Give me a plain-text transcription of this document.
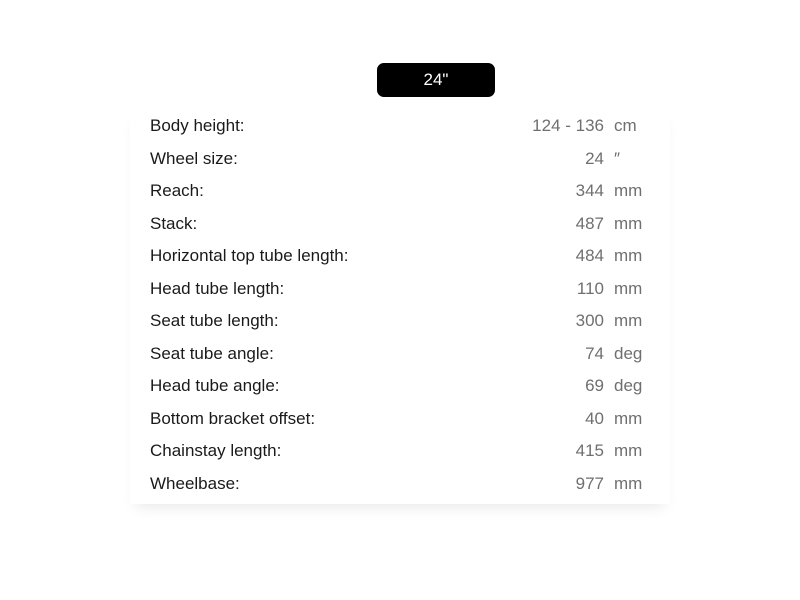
24"
Body height:	124 - 136 cm
Wheel size:	24 ″
Reach:	344 mm
Stack:	487 mm
Horizontal top tube length:	484 mm
Head tube length:	110 mm
Seat tube length:	300 mm
Seat tube angle:	74 deg
Head tube angle:	69 deg
Bottom bracket offset:	40 mm
Chainstay length:	415 mm
Wheelbase:	977 mm
